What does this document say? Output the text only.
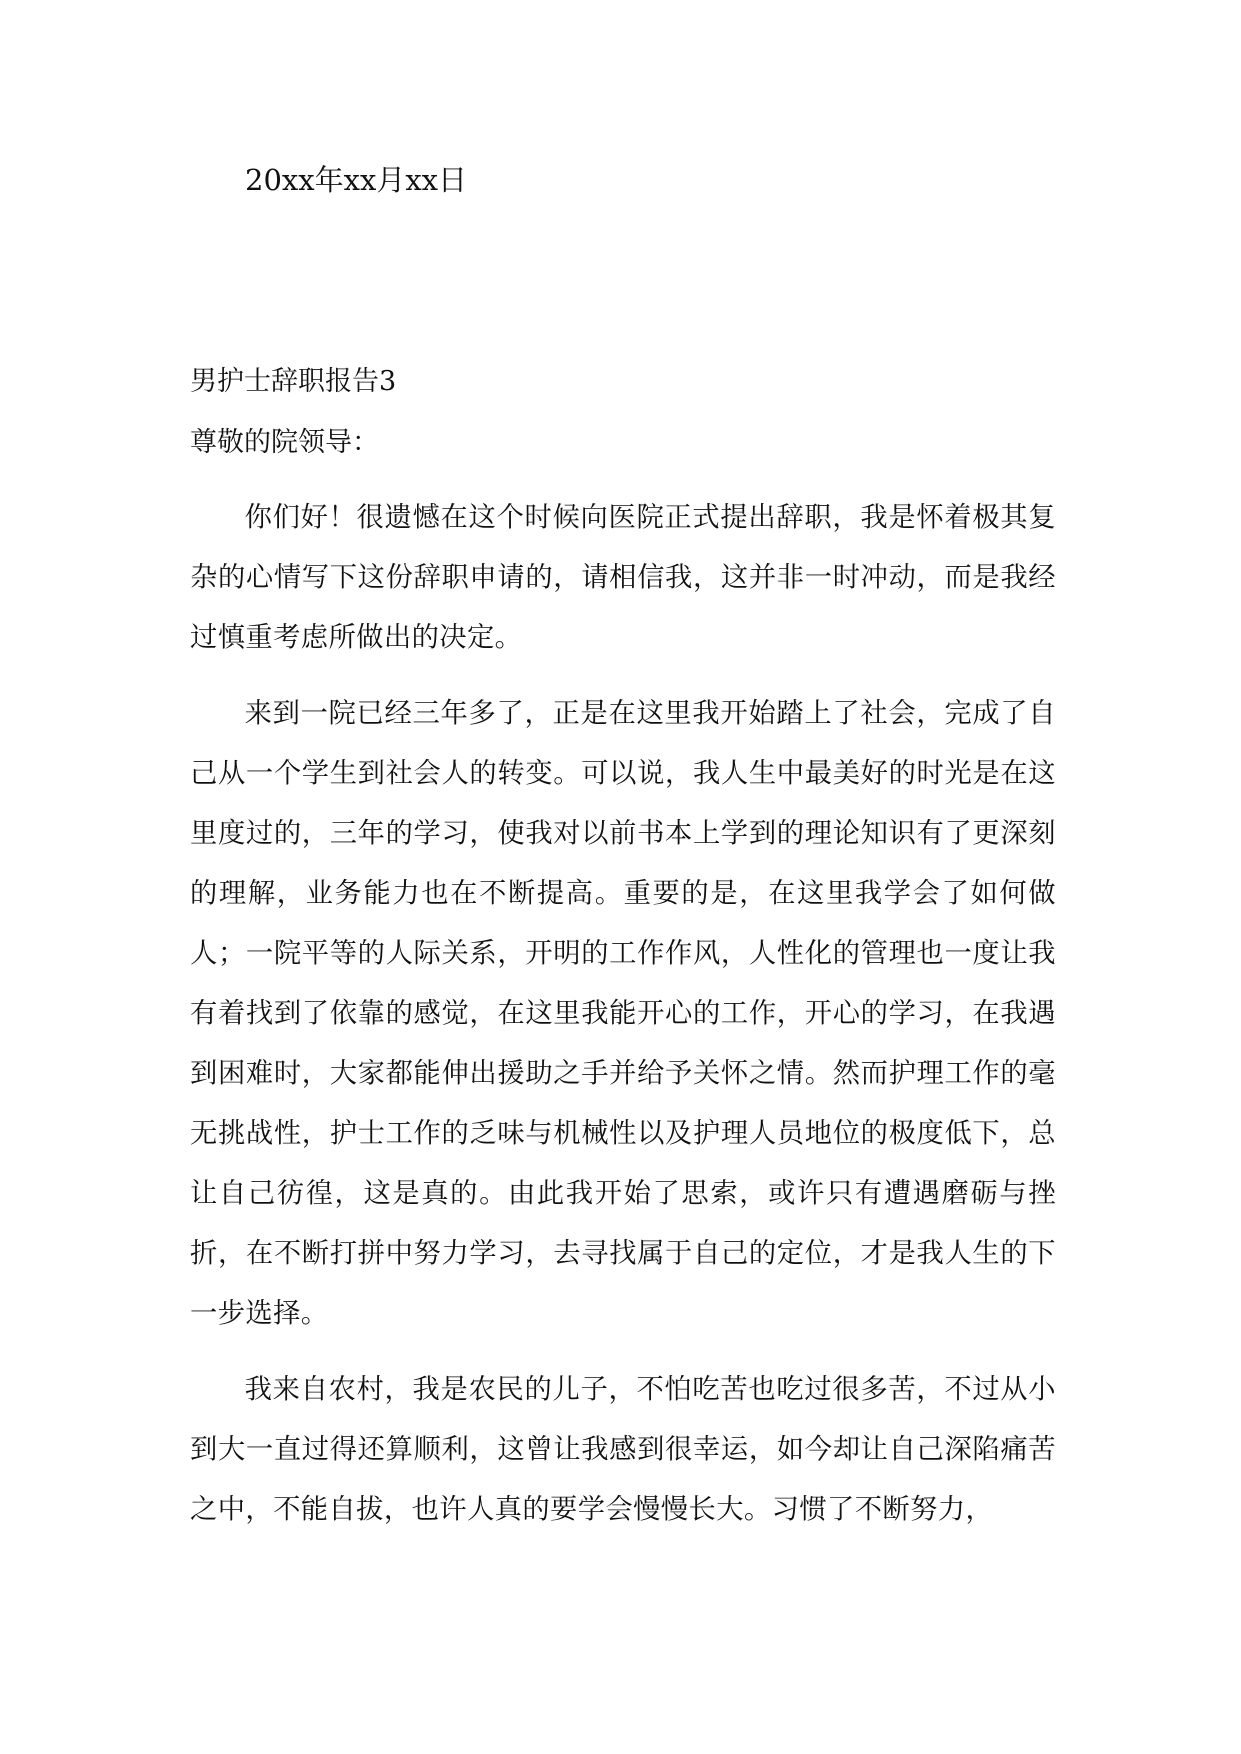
20xx年xx月xx日
男护士辞职报告3
尊敬的院领导：

你们好！很遗憾在这个时候向医院正式提出辞职，我是怀着极其复杂的心情写下这份辞职申请的，请相信我，这并非一时冲动，而是我经过慎重考虑所做出的决定。

来到一院已经三年多了，正是在这里我开始踏上了社会，完成了自己从一个学生到社会人的转变。可以说，我人生中最美好的时光是在这里度过的，三年的学习，使我对以前书本上学到的理论知识有了更深刻的理解，业务能力也在不断提高。重要的是，在这里我学会了如何做人；一院平等的人际关系，开明的工作作风，人性化的管理也一度让我有着找到了依靠的感觉，在这里我能开心的工作，开心的学习，在我遇到困难时，大家都能伸出援助之手并给予关怀之情。然而护理工作的毫无挑战性，护士工作的乏味与机械性以及护理人员地位的极度低下，总让自己彷徨，这是真的。由此我开始了思索，或许只有遭遇磨砺与挫折，在不断打拼中努力学习，去寻找属于自己的定位，才是我人生的下一步选择。

我来自农村，我是农民的儿子，不怕吃苦也吃过很多苦，不过从小到大一直过得还算顺利，这曾让我感到很幸运，如今却让自己深陷痛苦之中，不能自拔，也许人真的要学会慢慢长大。习惯了不断努力，
